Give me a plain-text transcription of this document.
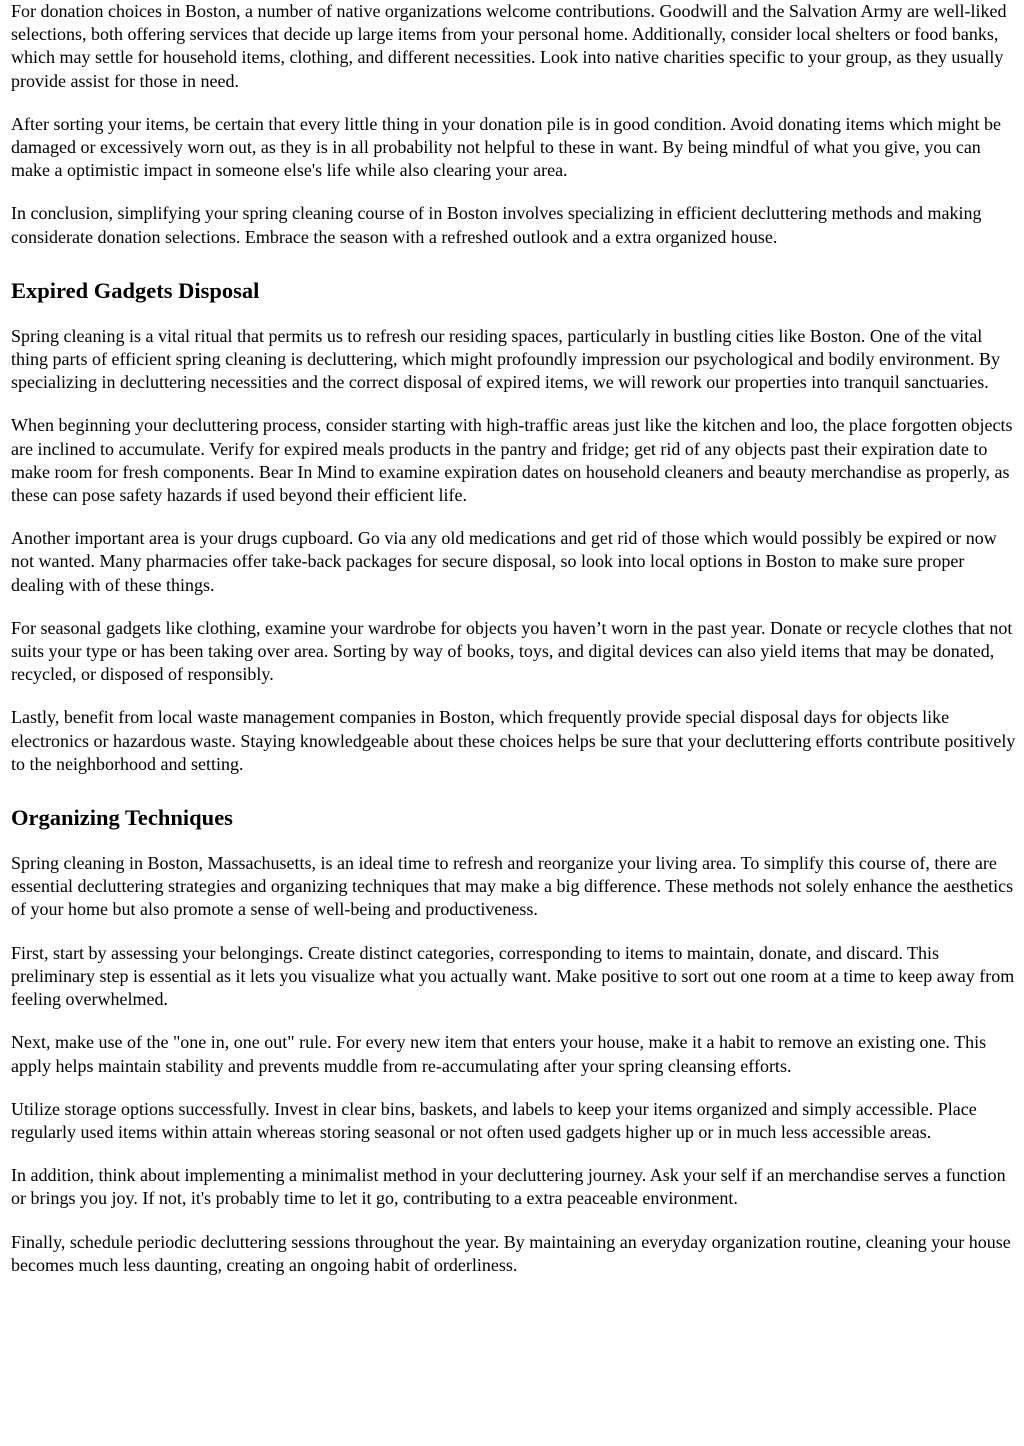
For donation choices in Boston, a number of native organizations welcome contributions. Goodwill and the Salvation Army are well-liked selections, both offering services that decide up large items from your personal home. Additionally, consider local shelters or food banks, which may settle for household items, clothing, and different necessities. Look into native charities specific to your group, as they usually provide assist for those in need.

After sorting your items, be certain that every little thing in your donation pile is in good condition. Avoid donating items which might be damaged or excessively worn out, as they is in all probability not helpful to these in want. By being mindful of what you give, you can make a optimistic impact in someone else's life while also clearing your area.

In conclusion, simplifying your spring cleaning course of in Boston involves specializing in efficient decluttering methods and making considerate donation selections. Embrace the season with a refreshed outlook and a extra organized house.

Expired Gadgets Disposal

Spring cleaning is a vital ritual that permits us to refresh our residing spaces, particularly in bustling cities like Boston. One of the vital thing parts of efficient spring cleaning is decluttering, which might profoundly impression our psychological and bodily environment. By specializing in decluttering necessities and the correct disposal of expired items, we will rework our properties into tranquil sanctuaries.

When beginning your decluttering process, consider starting with high-traffic areas just like the kitchen and loo, the place forgotten objects are inclined to accumulate. Verify for expired meals products in the pantry and fridge; get rid of any objects past their expiration date to make room for fresh components. Bear In Mind to examine expiration dates on household cleaners and beauty merchandise as properly, as these can pose safety hazards if used beyond their efficient life.

Another important area is your drugs cupboard. Go via any old medications and get rid of those which would possibly be expired or now not wanted. Many pharmacies offer take-back packages for secure disposal, so look into local options in Boston to make sure proper dealing with of these things.

For seasonal gadgets like clothing, examine your wardrobe for objects you haven’t worn in the past year. Donate or recycle clothes that not suits your type or has been taking over area. Sorting by way of books, toys, and digital devices can also yield items that may be donated, recycled, or disposed of responsibly.

Lastly, benefit from local waste management companies in Boston, which frequently provide special disposal days for objects like electronics or hazardous waste. Staying knowledgeable about these choices helps be sure that your decluttering efforts contribute positively to the neighborhood and setting.

Organizing Techniques

Spring cleaning in Boston, Massachusetts, is an ideal time to refresh and reorganize your living area. To simplify this course of, there are essential decluttering strategies and organizing techniques that may make a big difference. These methods not solely enhance the aesthetics of your home but also promote a sense of well-being and productiveness.

First, start by assessing your belongings. Create distinct categories, corresponding to items to maintain, donate, and discard. This preliminary step is essential as it lets you visualize what you actually want. Make positive to sort out one room at a time to keep away from feeling overwhelmed.

Next, make use of the "one in, one out" rule. For every new item that enters your house, make it a habit to remove an existing one. This apply helps maintain stability and prevents muddle from re-accumulating after your spring cleansing efforts.

Utilize storage options successfully. Invest in clear bins, baskets, and labels to keep your items organized and simply accessible. Place regularly used items within attain whereas storing seasonal or not often used gadgets higher up or in much less accessible areas.

In addition, think about implementing a minimalist method in your decluttering journey. Ask your self if an merchandise serves a function or brings you joy. If not, it's probably time to let it go, contributing to a extra peaceable environment.

Finally, schedule periodic decluttering sessions throughout the year. By maintaining an everyday organization routine, cleaning your house becomes much less daunting, creating an ongoing habit of orderliness.
